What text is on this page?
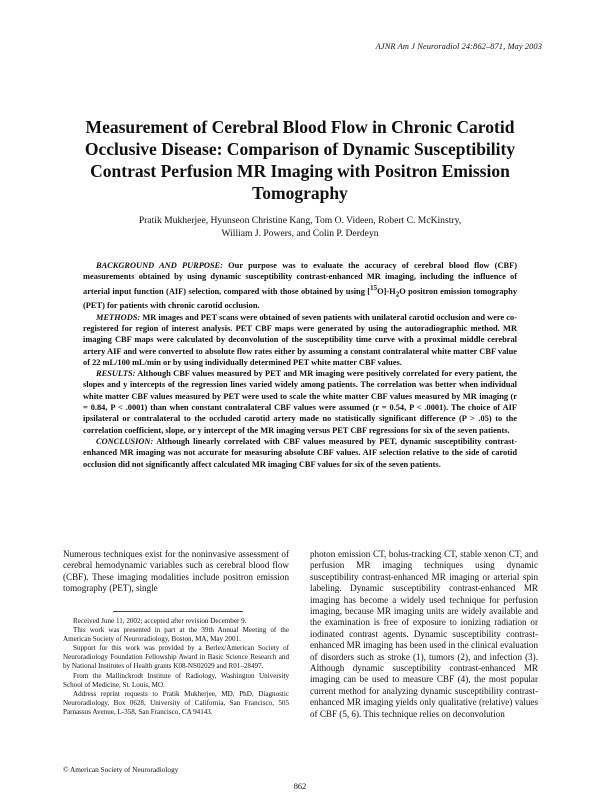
AJNR Am J Neuroradiol 24:862–871, May 2003
Measurement of Cerebral Blood Flow in Chronic Carotid Occlusive Disease: Comparison of Dynamic Susceptibility Contrast Perfusion MR Imaging with Positron Emission Tomography
Pratik Mukherjee, Hyunseon Christine Kang, Tom O. Videen, Robert C. McKinstry,
William J. Powers, and Colin P. Derdeyn

BACKGROUND AND PURPOSE: Our purpose was to evaluate the accuracy of cerebral blood flow (CBF) measurements obtained by using dynamic susceptibility contrast-enhanced MR imaging, including the influence of arterial input function (AIF) selection, compared with those obtained by using $[^{15}O]-H_2O$ positron emission tomography (PET) for patients with chronic carotid occlusion.

METHODS: MR images and PET scans were obtained of seven patients with unilateral carotid occlusion and were co-registered for region of interest analysis. PET CBF maps were generated by using the autoradiographic method. MR imaging CBF maps were calculated by deconvolution of the susceptibility time curve with a proximal middle cerebral artery AIF and were converted to absolute flow rates either by assuming a constant contralateral white matter CBF value of 22 mL/100 mL/min or by using individually determined PET white matter CBF values.

RESULTS: Although CBF values measured by PET and MR imaging were positively correlated for every patient, the slopes and y intercepts of the regression lines varied widely among patients. The correlation was better when individual white matter CBF values measured by PET were used to scale the white matter CBF values measured by MR imaging (r = 0.84, P < .0001) than when constant contralateral CBF values were assumed (r = 0.54, P < .0001). The choice of AIF ipsilateral or contralateral to the occluded carotid artery made no statistically significant difference (P > .05) to the correlation coefficient, slope, or y intercept of the MR imaging versus PET CBF regressions for six of the seven patients.

CONCLUSION: Although linearly correlated with CBF values measured by PET, dynamic susceptibility contrast-enhanced MR imaging was not accurate for measuring absolute CBF values. AIF selection relative to the side of carotid occlusion did not significantly affect calculated MR imaging CBF values for six of the seven patients.

Numerous techniques exist for the noninvasive assessment of cerebral hemodynamic variables such as cerebral blood flow (CBF). These imaging modalities include positron emission tomography (PET), single

Received June 11, 2002; accepted after revision December 9.

This work was presented in part at the 39th Annual Meeting of the American Society of Neuroradiology, Boston, MA, May 2001.

Support for this work was provided by a Berlex/American Society of Neuroradiology Foundation Fellowship Award in Basic Science Research and by National Institutes of Health grants K08-NS02029 and R01–28497.

From the Mallinckrodt Institute of Radiology, Washington University School of Medicine, St. Louis, MO.

Address reprint requests to Pratik Mukherjee, MD, PhD, Diagnostic Neuroradiology, Box 0628, University of California, San Francisco, 505 Parnassus Avenue, L-358, San Francisco, CA 94143.

© American Society of Neuroradiology

photon emission CT, bolus-tracking CT, stable xenon CT, and perfusion MR imaging techniques using dynamic susceptibility contrast-enhanced MR imaging or arterial spin labeling. Dynamic susceptibility contrast-enhanced MR imaging has become a widely used technique for perfusion imaging, because MR imaging units are widely available and the examination is free of exposure to ionizing radiation or iodinated contrast agents. Dynamic susceptibility contrast-enhanced MR imaging has been used in the clinical evaluation of disorders such as stroke (1), tumors (2), and infection (3). Although dynamic susceptibility contrast-enhanced MR imaging can be used to measure CBF (4), the most popular current method for analyzing dynamic susceptibility contrast-enhanced MR imaging yields only qualitative (relative) values of CBF (5, 6). This technique relies on deconvolution

862
